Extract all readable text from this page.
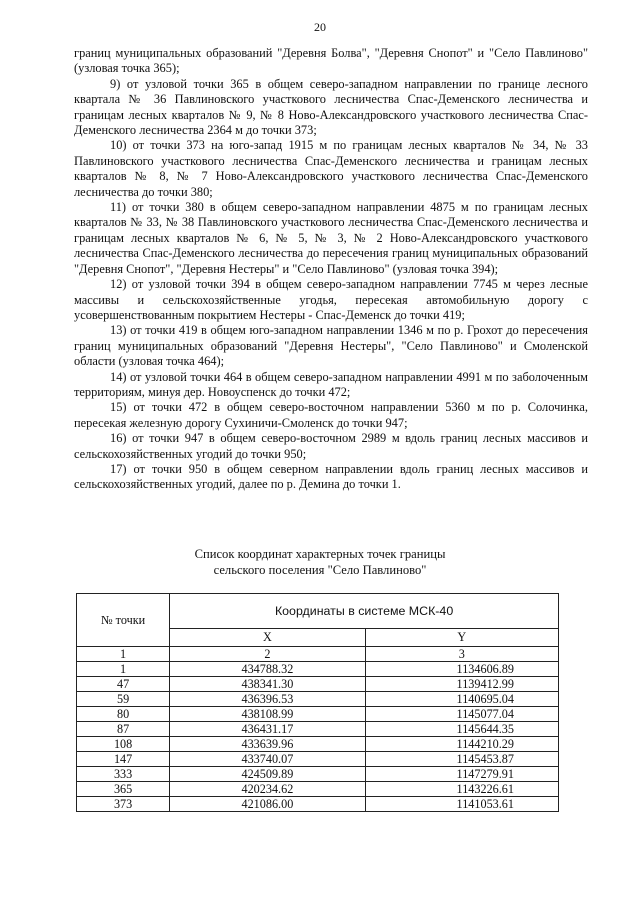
20

границ муниципальных образований "Деревня Болва", "Деревня Снопот" и "Село Павлиново" (узловая точка 365);

9) от узловой точки 365 в общем северо-западном направлении по границе лесного квартала № 36 Павлиновского участкового лесничества Спас-Деменского лесничества и границам лесных кварталов № 9, № 8 Ново-Александровского участкового лесничества Спас-Деменского лесничества 2364 м до точки 373;

10) от точки 373 на юго-запад 1915 м по границам лесных кварталов № 34, № 33 Павлиновского участкового лесничества Спас-Деменского лесничества и границам лесных кварталов № 8, № 7 Ново-Александровского участкового лесничества Спас-Деменского лесничества до точки 380;

11) от точки 380 в общем северо-западном направлении 4875 м по границам лесных кварталов № 33, № 38 Павлиновского участкового лесничества Спас-Деменского лесничества и границам лесных кварталов № 6, № 5, № 3, № 2 Ново-Александровского участкового лесничества Спас-Деменского лесничества до пересечения границ муниципальных образований "Деревня Снопот", "Деревня Нестеры" и "Село Павлиново" (узловая точка 394);

12) от узловой точки 394 в общем северо-западном направлении 7745 м через лесные массивы и сельскохозяйственные угодья, пересекая автомобильную дорогу с усовершенствованным покрытием Нестеры - Спас-Деменск до точки 419;

13) от точки 419 в общем юго-западном направлении 1346 м по р. Грохот до пересечения границ муниципальных образований "Деревня Нестеры", "Село Павлиново" и Смоленской области (узловая точка 464);

14) от узловой точки 464 в общем северо-западном направлении 4991 м по заболоченным территориям, минуя дер. Новоуспенск до точки 472;

15) от точки 472 в общем северо-восточном направлении 5360 м по р. Солочинка, пересекая железную дорогу Сухиничи-Смоленск до точки 947;

16) от точки 947 в общем северо-восточном 2989 м вдоль границ лесных массивов и сельскохозяйственных угодий до точки 950;

17) от точки 950 в общем северном направлении вдоль границ лесных массивов и сельскохозяйственных угодий, далее по р. Демина до точки 1.

Список координат характерных точек границы
сельского поселения "Село Павлиново"
№ точки	Координаты в системе МСК-40	
	X	Y
1	2	3
1	434788.32	1134606.89
47	438341.30	1139412.99
59	436396.53	1140695.04
80	438108.99	1145077.04
87	436431.17	1145644.35
108	433639.96	1144210.29
147	433740.07	1145453.87
333	424509.89	1147279.91
365	420234.62	1143226.61
373	421086.00	1141053.61
